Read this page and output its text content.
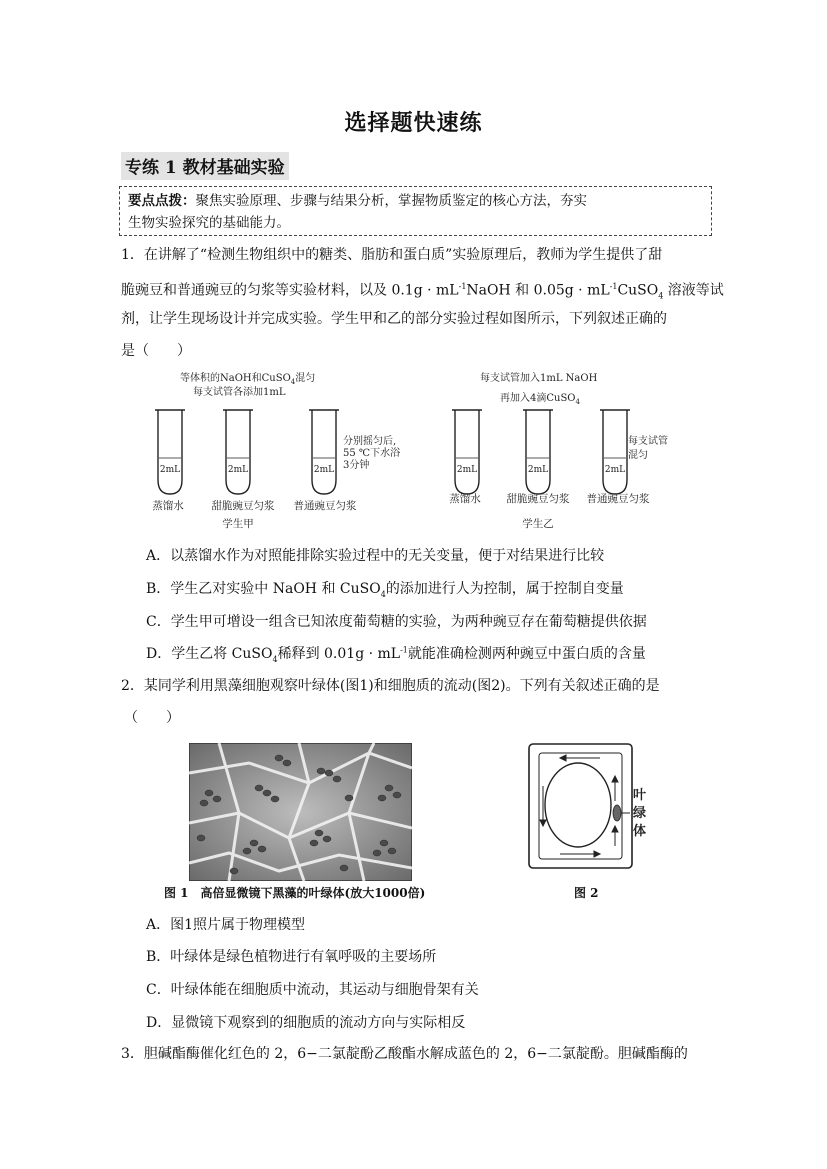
选择题快速练
专练 1 教材基础实验
要点点拨：聚焦实验原理、步骤与结果分析，掌握物质鉴定的核心方法，夯实
生物实验探究的基础能力。
1．在讲解了“检测生物组织中的糖类、脂肪和蛋白质”实验原理后，教师为学生提供了甜
脆豌豆和普通豌豆的匀浆等实验材料，以及 $0.1g \cdot mL^{-1}NaOH$ 和 $0.05g \cdot mL^{-1}CuSO_4$ 溶液等试
剂，让学生现场设计并完成实验。学生甲和乙的部分实验过程如图所示，下列叙述正确的
是（　　）
等体积的NaOH和CuSO$_4$混匀
每支试管各添加1mL
分别摇匀后,
55 ℃下水浴
3分钟
每支试管加入1mL NaOH
再加入4滴CuSO$_4$
每支试管
混匀
2mL	2mL	2mL	2mL	2mL	2mL
蒸馏水	甜脆豌豆匀浆 普通豌豆匀浆
蒸馏水 甜脆豌豆匀浆 普通豌豆匀浆
学生甲	学生乙
A．以蒸馏水作为对照能排除实验过程中的无关变量，便于对结果进行比较
B．学生乙对实验中 NaOH 和 CuSO$_4$的添加进行人为控制，属于控制自变量
C．学生甲可增设一组含已知浓度葡萄糖的实验，为两种豌豆存在葡萄糖提供依据
D．学生乙将 CuSO$_4$稀释到 $0.01g \cdot mL^{-1}$就能准确检测两种豌豆中蛋白质的含量
2．某同学利用黑藻细胞观察叶绿体(图1)和细胞质的流动(图2)。下列有关叙述正确的是
（　　）
图 1　高倍显微镜下黑藻的叶绿体(放大1000倍)
叶
绿
体
图 2
A．图1照片属于物理模型
B．叶绿体是绿色植物进行有氧呼吸的主要场所
C．叶绿体能在细胞质中流动，其运动与细胞骨架有关
D．显微镜下观察到的细胞质的流动方向与实际相反
3．胆碱酯酶催化红色的 2，6−二氯靛酚乙酸酯水解成蓝色的 2，6−二氯靛酚。胆碱酯酶的
